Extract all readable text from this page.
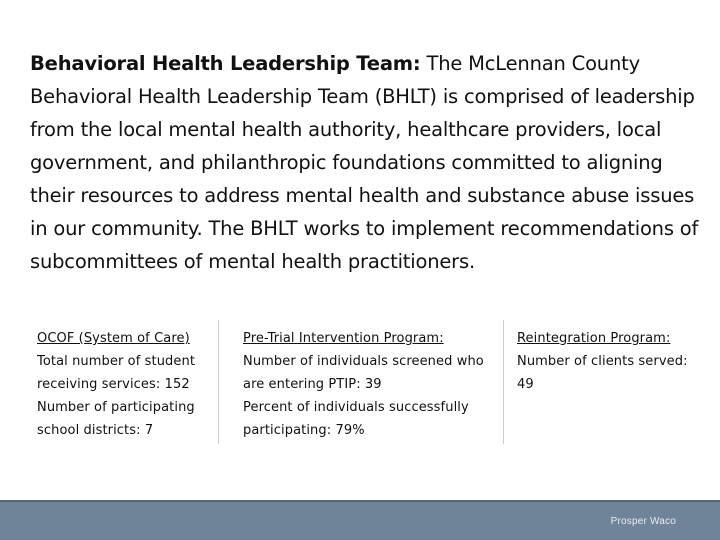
Behavioral Health Leadership Team: The McLennan County Behavioral Health Leadership Team (BHLT) is comprised of leadership from the local mental health authority, healthcare providers, local government, and philanthropic foundations committed to aligning their resources to address mental health and substance abuse issues in our community. The BHLT works to implement recommendations of subcommittees of mental health practitioners.

OCOF (System of Care)
Total number of student receiving services: 152
Number of participating school districts: 7
Pre-Trial Intervention Program:
Number of individuals screened who are entering PTIP: 39
Percent of individuals successfully participating: 79%
Reintegration Program:
Number of clients served: 49
Prosper Waco
